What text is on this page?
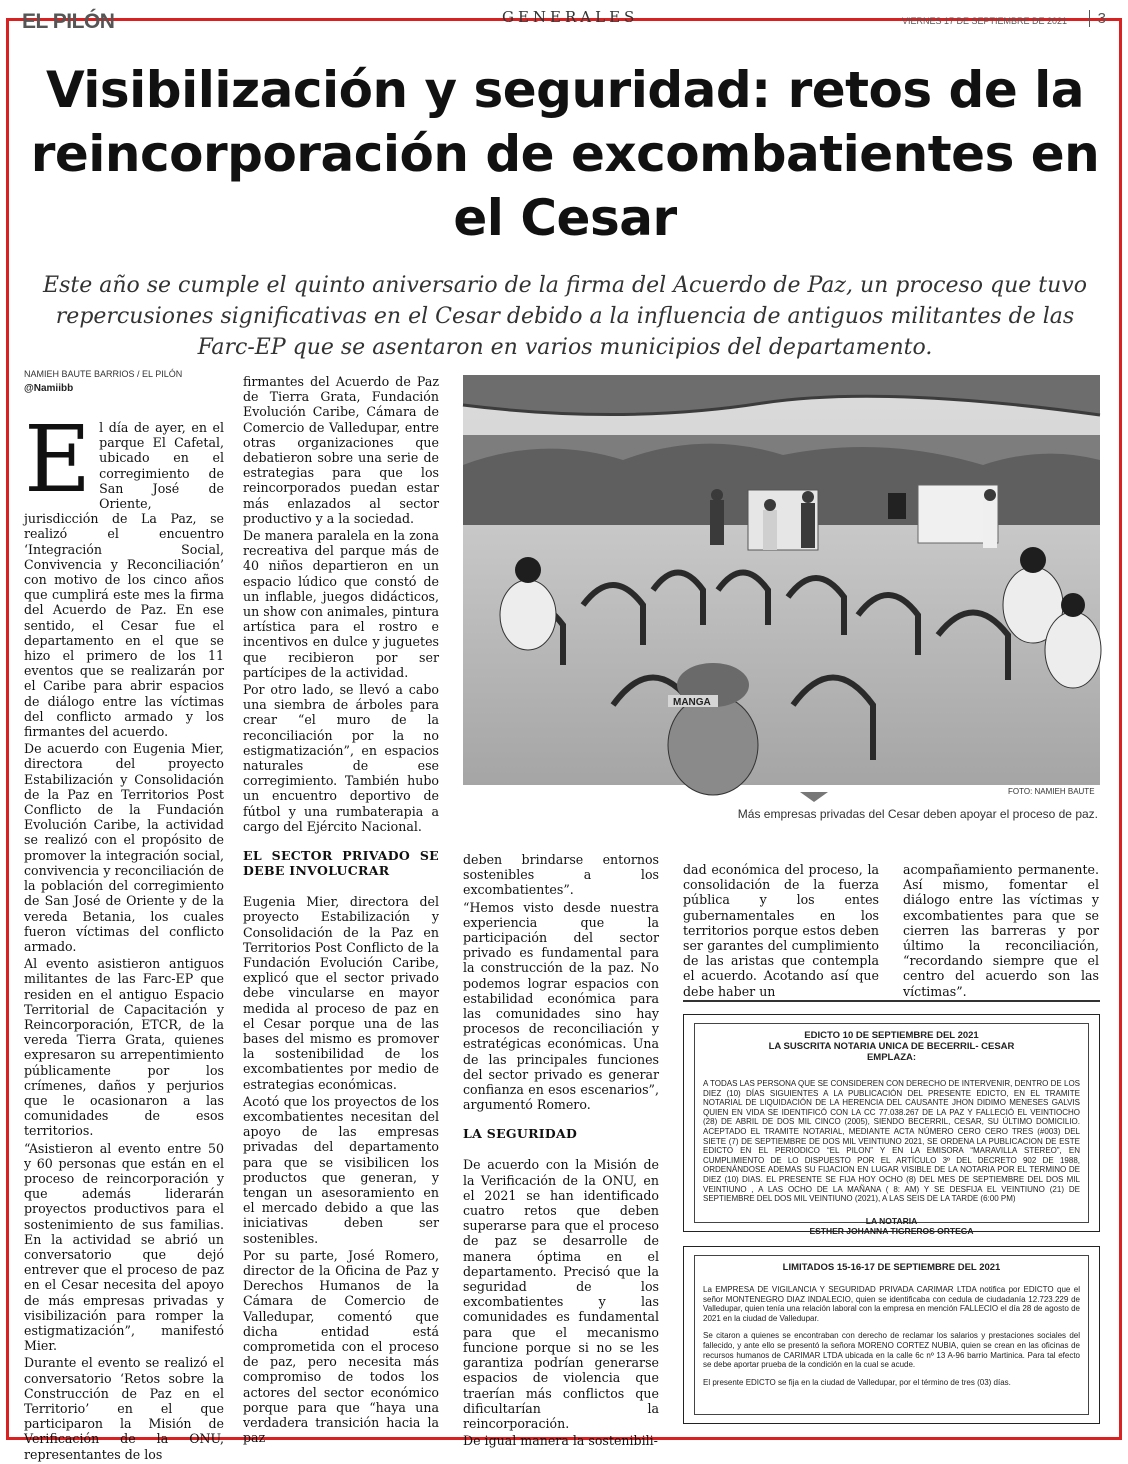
EL PILÓN	GENERALES	VIERNES 17 DE SEPTIEMBRE DE 2021	3
Visibilización y seguridad: retos de la reincorporación de excombatientes en el Cesar
Este año se cumple el quinto aniversario de la firma del Acuerdo de Paz, un proceso que tuvo repercusiones significativas en el Cesar debido a la influencia de antiguos militantes de las Farc-EP que se asentaron en varios municipios del departamento.
NAMIEH BAUTE BARRIOS / EL PILÓN
@Namiibb

El día de ayer, en el parque El Cafetal, ubicado en el corregimiento de San José de Oriente, jurisdicción de La Paz, se realizó el encuentro ‘Integración Social, Convivencia y Reconciliación’ con motivo de los cinco años que cumplirá este mes la firma del Acuerdo de Paz. En ese sentido, el Cesar fue el departamento en el que se hizo el primero de los 11 eventos que se realizarán por el Caribe para abrir espacios de diálogo entre las víctimas del conflicto armado y los firmantes del acuerdo.

De acuerdo con Eugenia Mier, directora del proyecto Estabilización y Consolidación de la Paz en Territorios Post Conflicto de la Fundación Evolución Caribe, la actividad se realizó con el propósito de promover la integración social, convivencia y reconciliación de la población del corregimiento de San José de Oriente y de la vereda Betania, los cuales fueron víctimas del conflicto armado.

Al evento asistieron antiguos militantes de las Farc-EP que residen en el antiguo Espacio Territorial de Capacitación y Reincorporación, ETCR, de la vereda Tierra Grata, quienes expresaron su arrepentimiento públicamente por los crímenes, daños y perjurios que le ocasionaron a las comunidades de esos territorios.

“Asistieron al evento entre 50 y 60 personas que están en el proceso de reincorporación y que además liderarán proyectos productivos para el sostenimiento de sus familias. En la actividad se abrió un conversatorio que dejó entrever que el proceso de paz en el Cesar necesita del apoyo de más empresas privadas y visibilización para romper la estigmatización”, manifestó Mier.

Durante el evento se realizó el conversatorio ‘Retos sobre la Construcción de Paz en el Territorio’ en el que participaron la Misión de Verificación de la ONU, representantes de los

firmantes del Acuerdo de Paz de Tierra Grata, Fundación Evolución Caribe, Cámara de Comercio de Valledupar, entre otras organizaciones que debatieron sobre una serie de estrategias para que los reincorporados puedan estar más enlazados al sector productivo y a la sociedad.

De manera paralela en la zona recreativa del parque más de 40 niños departieron en un espacio lúdico que constó de un inflable, juegos didácticos, un show con animales, pintura artística para el rostro e incentivos en dulce y juguetes que recibieron por ser partícipes de la actividad.

Por otro lado, se llevó a cabo una siembra de árboles para crear “el muro de la reconciliación por la no estigmatización”, en espacios naturales de ese corregimiento. También hubo un encuentro deportivo de fútbol y una rumbaterapia a cargo del Ejército Nacional.

EL SECTOR PRIVADO SE DEBE INVOLUCRAR

Eugenia Mier, directora del proyecto Estabilización y Consolidación de la Paz en Territorios Post Conflicto de la Fundación Evolución Caribe, explicó que el sector privado debe vincularse en mayor medida al proceso de paz en el Cesar porque una de las bases del mismo es promover la sostenibilidad de los excombatientes por medio de estrategias económicas.

Acotó que los proyectos de los excombatientes necesitan del apoyo de las empresas privadas del departamento para que se visibilicen los productos que generan, y tengan un asesoramiento en el mercado debido a que las iniciativas deben ser sostenibles.

Por su parte, José Romero, director de la Oficina de Paz y Derechos Humanos de la Cámara de Comercio de Valledupar, comentó que dicha entidad está comprometida con el proceso de paz, pero necesita más compromiso de todos los actores del sector económico porque para que “haya una verdadera transición hacia la paz

MANGA
FOTO: NAMIEH BAUTE
Más empresas privadas del Cesar deben apoyar el proceso de paz.

deben brindarse entornos sostenibles a los excombatientes”.

“Hemos visto desde nuestra experiencia que la participación del sector privado es fundamental para la construcción de la paz. No podemos lograr espacios con estabilidad económica para las comunidades sino hay procesos de reconciliación y estratégicas económicas. Una de las principales funciones del sector privado es generar confianza en esos escenarios”, argumentó Romero.

LA SEGURIDAD

De acuerdo con la Misión de la Verificación de la ONU, en el 2021 se han identificado cuatro retos que deben superarse para que el proceso de paz se desarrolle de manera óptima en el departamento. Precisó que la seguridad de los excombatientes y las comunidades es fundamental para que el mecanismo funcione porque si no se les garantiza podrían generarse espacios de violencia que traerían más conflictos que dificultarían la reincorporación.

De igual manera la sostenibili-

dad económica del proceso, la consolidación de la fuerza pública y los entes gubernamentales en los territorios porque estos deben ser garantes del cumplimiento de las aristas que contempla el acuerdo. Acotando así que debe haber un

acompañamiento permanente. Así mismo, fomentar el diálogo entre las víctimas y excombatientes para que se cierren las barreras y por último la reconciliación, “recordando siempre que el centro del acuerdo son las víctimas”.

EDICTO 10 DE SEPTIEMBRE DEL 2021
LA SUSCRITA NOTARIA UNICA DE BECERRIL- CESAR
EMPLAZA:
A TODAS LAS PERSONA QUE SE CONSIDEREN CON DERECHO DE INTERVENIR, DENTRO DE LOS DIEZ (10) DÍAS SIGUIENTES A LA PUBLICACIÓN DEL PRESENTE EDICTO, EN EL TRAMITE NOTARIAL DE LIQUIDACIÓN DE LA HERENCIA DEL CAUSANTE JHON DIDIMO MENESES GALVIS QUIEN EN VIDA SE IDENTIFICÓ CON LA CC 77.038.267 DE LA PAZ Y FALLECIÓ EL VEINTIOCHO (28) DE ABRIL DE DOS MIL CINCO (2005), SIENDO BECERRIL, CESAR, SU ÚLTIMO DOMICILIO. ACEPTADO EL TRAMITE NOTARIAL, MEDIANTE ACTA NÚMERO CERO CERO TRES (#003) DEL SIETE (7) DE SEPTIEMBRE DE DOS MIL VEINTIUNO 2021, SE ORDENA LA PUBLICACION DE ESTE EDICTO EN EL PERIODICO “EL PILON” Y EN LA EMISORA “MARAVILLA STEREO”, EN CUMPLIMIENTO DE LO DISPUESTO POR EL ARTÍCULO 3º DEL DECRETO 902 DE 1988, ORDENÁNDOSE ADEMAS SU FIJACION EN LUGAR VISIBLE DE LA NOTARIA POR EL TERMINO DE DIEZ (10) DIAS. EL PRESENTE SE FIJA HOY OCHO (8) DEL MES DE SEPTIEMBRE DEL DOS MIL VEINTIUNO , A LAS OCHO DE LA MAÑANA ( 8: AM) Y SE DESFIJA EL VEINTIUNO (21) DE SEPTIEMBRE DEL DOS MIL VEINTIUNO (2021), A LAS SEIS DE LA TARDE (6:00 PM)
LA NOTARIA
ESTHER JOHANNA TIGREROS ORTEGA
LIMITADOS 15-16-17 DE SEPTIEMBRE DEL 2021

La EMPRESA DE VIGILANCIA Y SEGURIDAD PRIVADA CARIMAR LTDA notifica por EDICTO que el señor MONTENEGRO DIAZ INDALECIO, quien se identificaba con cedula de ciudadanía 12.723.229 de Valledupar, quien tenía una relación laboral con la empresa en mención FALLECIO el día 28 de agosto de 2021 en la ciudad de Valledupar.

Se citaron a quienes se encontraban con derecho de reclamar los salarios y prestaciones sociales del fallecido, y ante ello se presentó la señora MORENO CORTEZ NUBIA, quien se crean en las oficinas de recursos humanos de CARIMAR LTDA ubicada en la calle 6c nº 13 A-96 barrio Martinica. Para tal efecto se debe aportar prueba de la condición en la cual se acude.

El presente EDICTO se fija en la ciudad de Valledupar, por el término de tres (03) días.
